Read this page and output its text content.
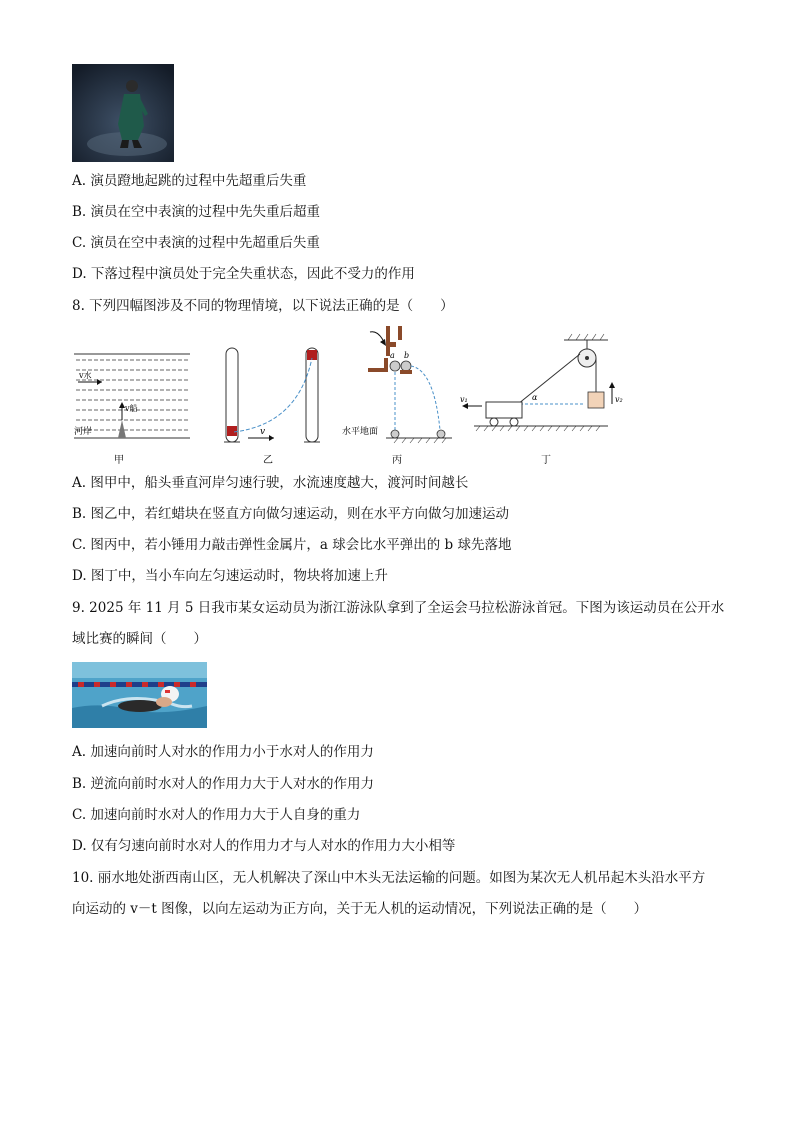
A. 演员蹬地起跳的过程中先超重后失重
B. 演员在空中表演的过程中先失重后超重
C. 演员在空中表演的过程中先超重后失重
D. 下落过程中演员处于完全失重状态，因此不受力的作用
8. 下列四幅图涉及不同的物理情境，以下说法正确的是（　　）
v水
v船
河岸
甲
v
乙
a b
水平地面
丙
v₂
α
v₁
丁
A. 图甲中，船头垂直河岸匀速行驶，水流速度越大，渡河时间越长
B. 图乙中，若红蜡块在竖直方向做匀速运动，则在水平方向做匀加速运动
C. 图丙中，若小锤用力敲击弹性金属片，a 球会比水平弹出的 b 球先落地
D. 图丁中，当小车向左匀速运动时，物块将加速上升
9. 2025 年 11 月 5 日我市某女运动员为浙江游泳队拿到了全运会马拉松游泳首冠。下图为该运动员在公开水
域比赛的瞬间（　　）
A. 加速向前时人对水的作用力小于水对人的作用力
B. 逆流向前时水对人的作用力大于人对水的作用力
C. 加速向前时水对人的作用力大于人自身的重力
D. 仅有匀速向前时水对人的作用力才与人对水的作用力大小相等
10. 丽水地处浙西南山区，无人机解决了深山中木头无法运输的问题。如图为某次无人机吊起木头沿水平方
向运动的 v－t 图像，以向左运动为正方向，关于无人机的运动情况，下列说法正确的是（　　）
